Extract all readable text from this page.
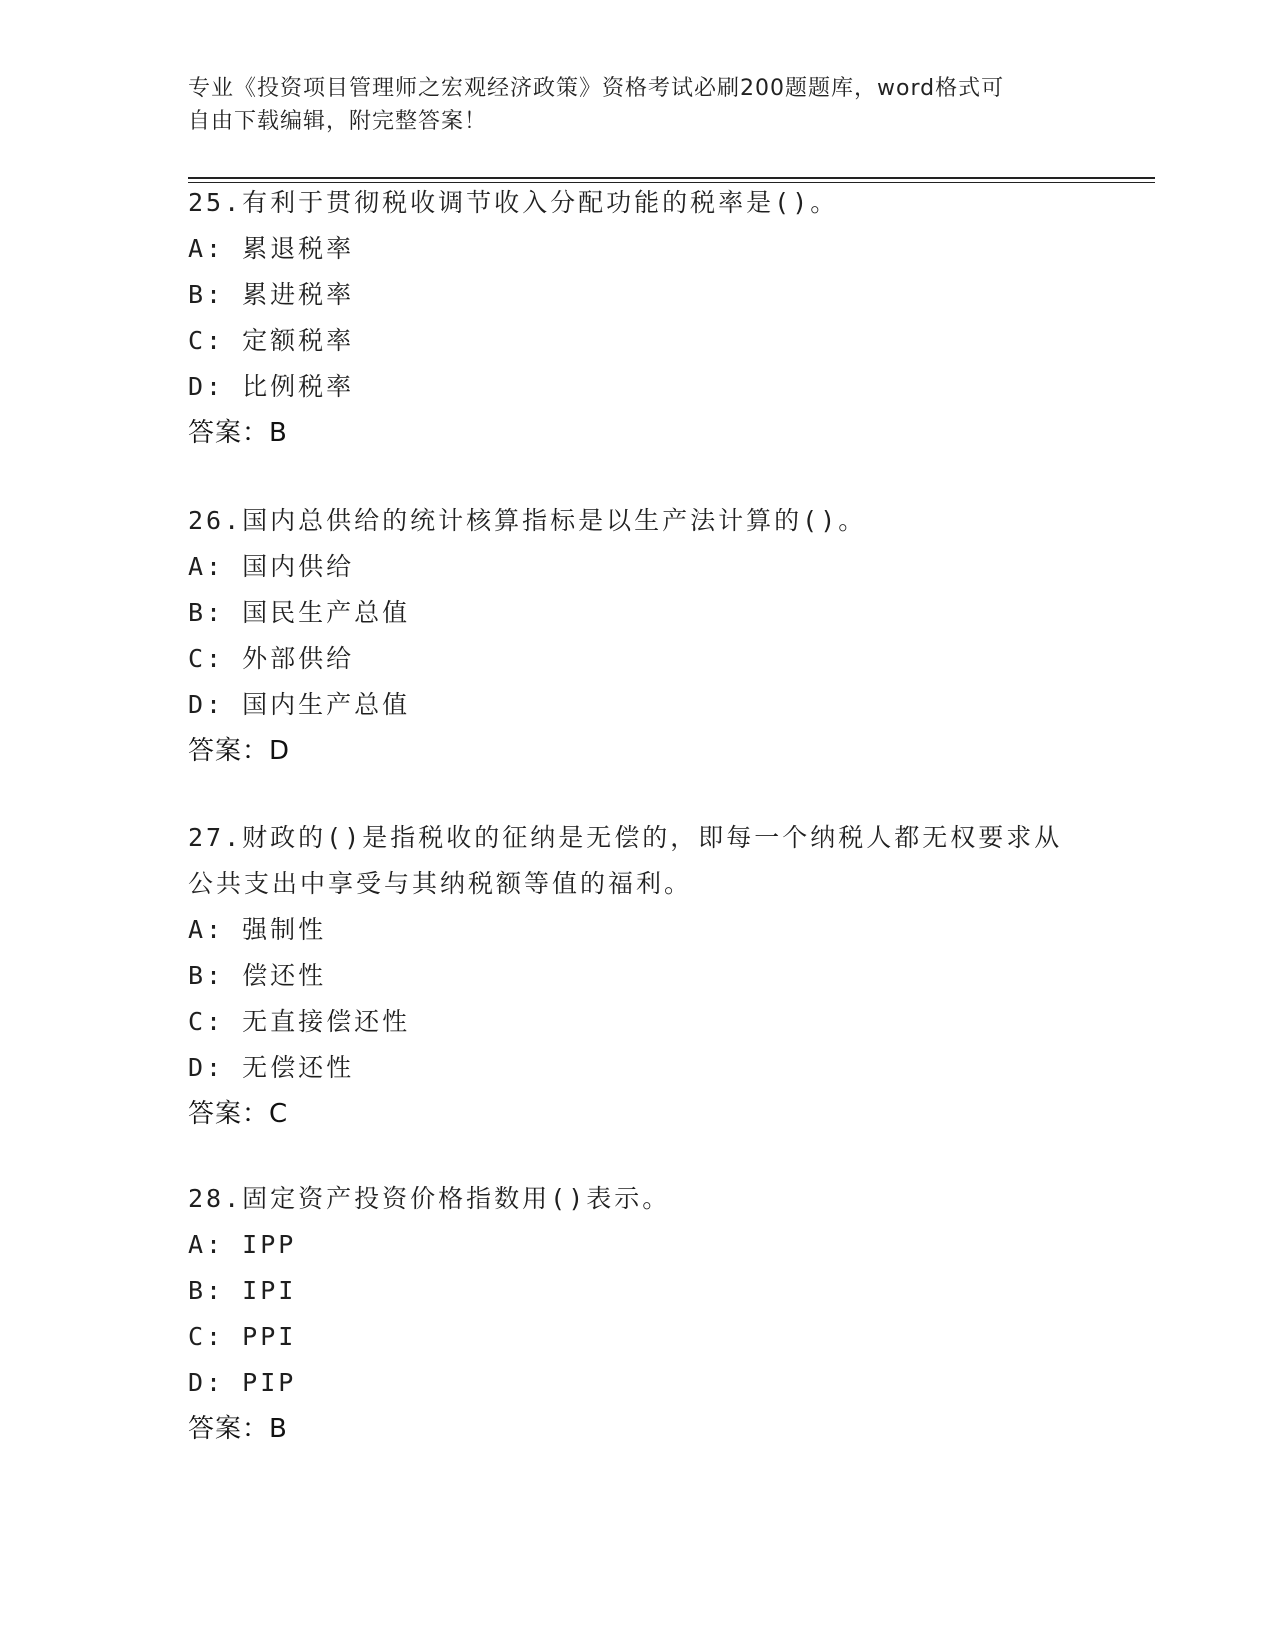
专业《投资项目管理师之宏观经济政策》资格考试必刷200题题库，word格式可
自由下载编辑，附完整答案！

25.有利于贯彻税收调节收入分配功能的税率是()。

A: 累退税率

B: 累进税率

C: 定额税率

D: 比例税率

答案：B

26.国内总供给的统计核算指标是以生产法计算的()。

A: 国内供给

B: 国民生产总值

C: 外部供给

D: 国内生产总值

答案：D

27.财政的()是指税收的征纳是无偿的，即每一个纳税人都无权要求从

公共支出中享受与其纳税额等值的福利。

A: 强制性

B: 偿还性

C: 无直接偿还性

D: 无偿还性

答案：C

28.固定资产投资价格指数用()表示。

A: IPP

B: IPI

C: PPI

D: PIP

答案：B
